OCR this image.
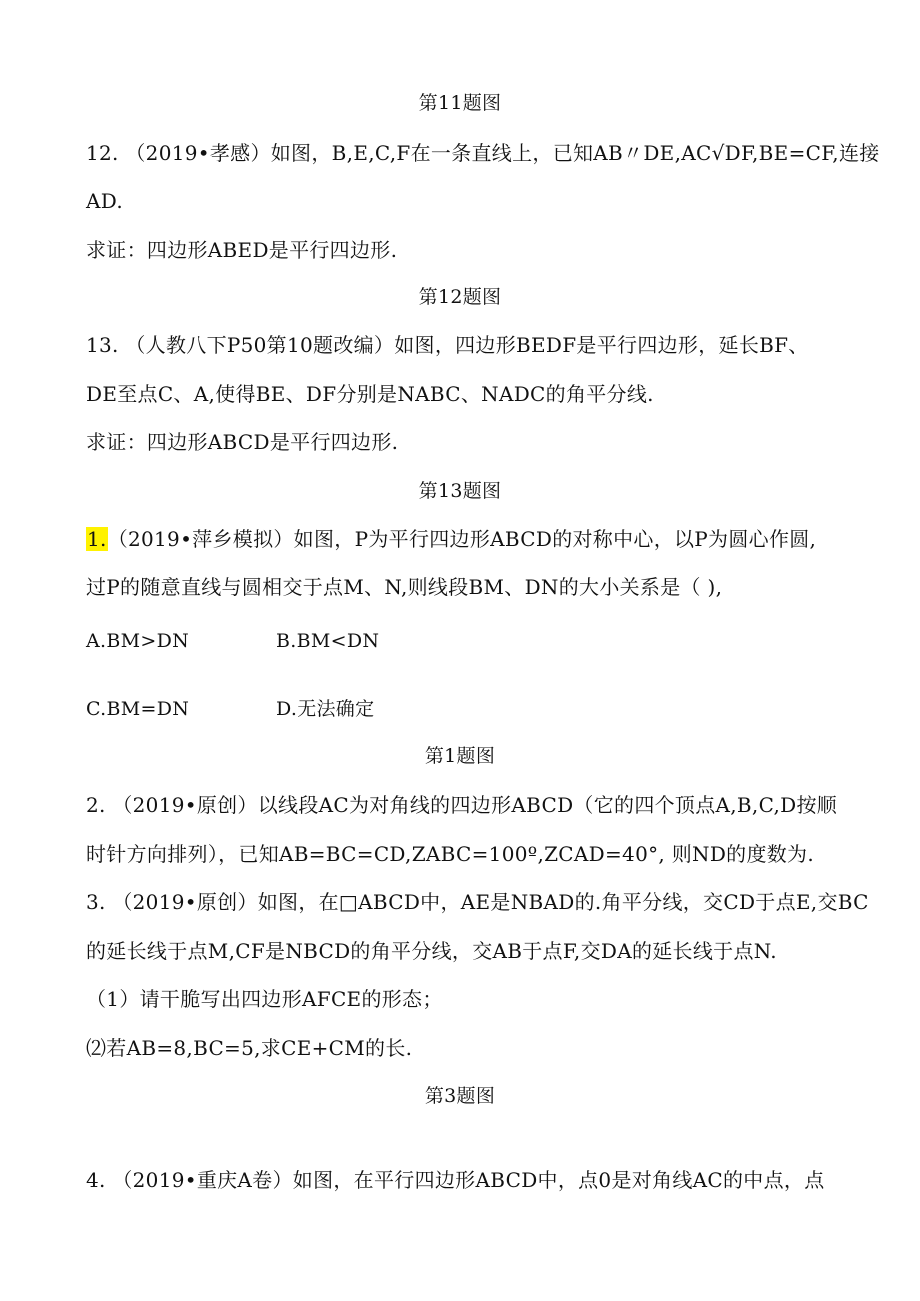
第11题图
12. （2019•孝感）如图，B,E,C,F在一条直线上，已知AB〃DE,AC√DF,BE=CF,连接
AD.
求证：四边形ABED是平行四边形.
第12题图
13. （人教八下P50第10题改编）如图，四边形BEDF是平行四边形，延长BF、
DE至点C、A,使得BE、DF分别是NABC、NADC的角平分线.
求证：四边形ABCD是平行四边形.
第13题图
1.（2019•萍乡模拟）如图，P为平行四边形ABCD的对称中心，以P为圆心作圆,
过P的随意直线与圆相交于点M、N,则线段BM、DN的大小关系是（ ),
A.BM>DN	B.BM<DN
C.BM=DN	D.无法确定
第1题图
2. （2019•原创）以线段AC为对角线的四边形ABCD（它的四个顶点A,B,C,D按顺
时针方向排列），已知AB=BC=CD,ZABC=100º,ZCAD=40°, 则ND的度数为.
3. （2019•原创）如图，在□ABCD中，AE是NBAD的.角平分线，交CD于点E,交BC
的延长线于点M,CF是NBCD的角平分线，交AB于点F,交DA的延长线于点N.
（1）请干脆写出四边形AFCE的形态；
⑵若AB=8,BC=5,求CE+CM的长.
第3题图
4. （2019•重庆A卷）如图，在平行四边形ABCD中，点0是对角线AC的中点，点
